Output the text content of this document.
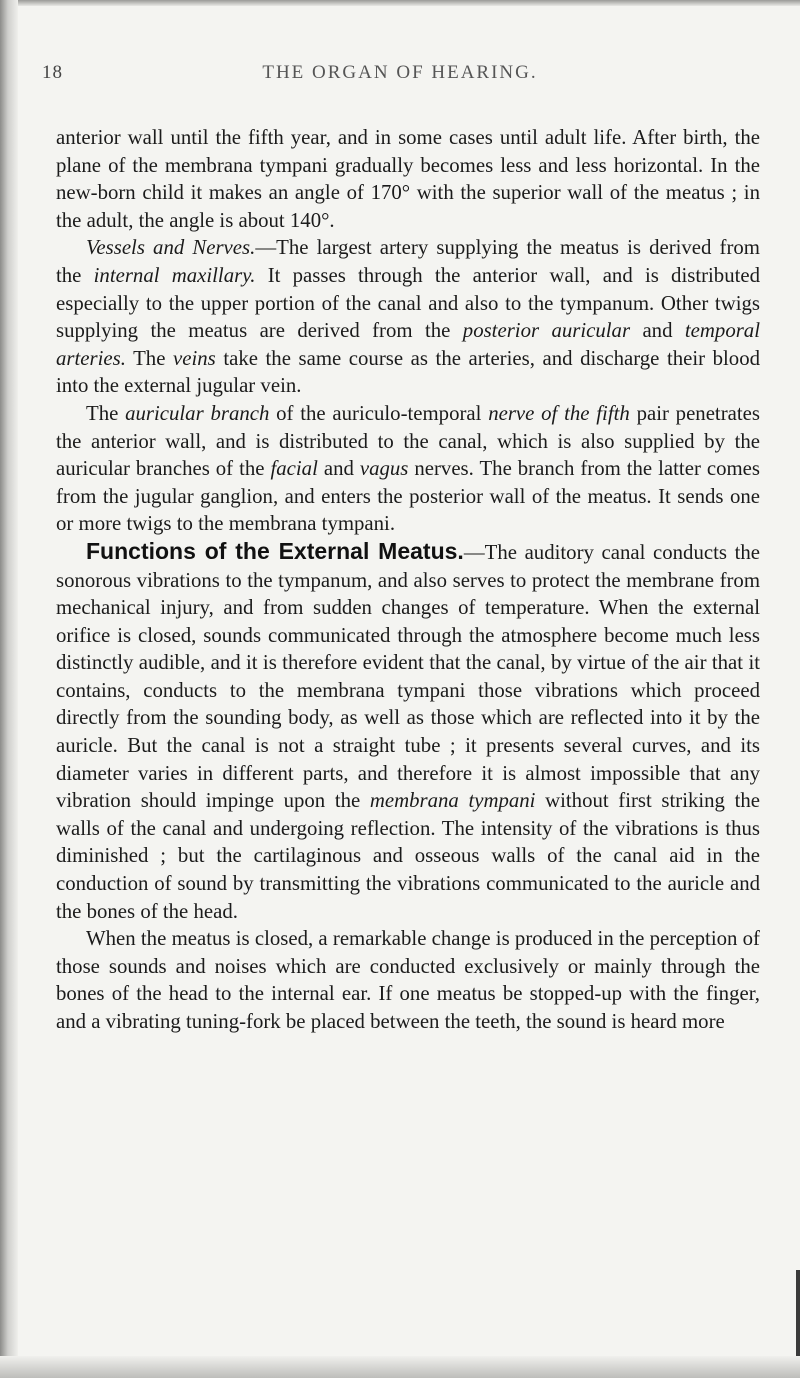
18	THE ORGAN OF HEARING.

anterior wall until the fifth year, and in some cases until adult life. After birth, the plane of the membrana tympani gradually becomes less and less horizontal. In the new-born child it makes an angle of 170° with the superior wall of the meatus ; in the adult, the angle is about 140°.

Vessels and Nerves.—The largest artery supplying the meatus is derived from the internal maxillary. It passes through the anterior wall, and is distributed especially to the upper portion of the canal and also to the tympanum. Other twigs supplying the meatus are derived from the posterior auricular and temporal arteries. The veins take the same course as the arteries, and discharge their blood into the external jugular vein.

The auricular branch of the auriculo-temporal nerve of the fifth pair penetrates the anterior wall, and is distributed to the canal, which is also supplied by the auricular branches of the facial and vagus nerves. The branch from the latter comes from the jugular ganglion, and enters the posterior wall of the meatus. It sends one or more twigs to the membrana tympani.

Functions of the External Meatus.—The auditory canal conducts the sonorous vibrations to the tympanum, and also serves to protect the membrane from mechanical injury, and from sudden changes of temperature. When the external orifice is closed, sounds communicated through the atmosphere become much less distinctly audible, and it is therefore evident that the canal, by virtue of the air that it contains, conducts to the membrana tympani those vibrations which proceed directly from the sounding body, as well as those which are reflected into it by the auricle. But the canal is not a straight tube ; it presents several curves, and its diameter varies in different parts, and therefore it is almost impossible that any vibration should impinge upon the membrana tympani without first striking the walls of the canal and undergoing reflection. The intensity of the vibrations is thus diminished ; but the cartilaginous and osseous walls of the canal aid in the conduction of sound by transmitting the vibrations communicated to the auricle and the bones of the head.

When the meatus is closed, a remarkable change is produced in the perception of those sounds and noises which are conducted exclusively or mainly through the bones of the head to the internal ear. If one meatus be stopped-up with the finger, and a vibrating tuning-fork be placed between the teeth, the sound is heard more
